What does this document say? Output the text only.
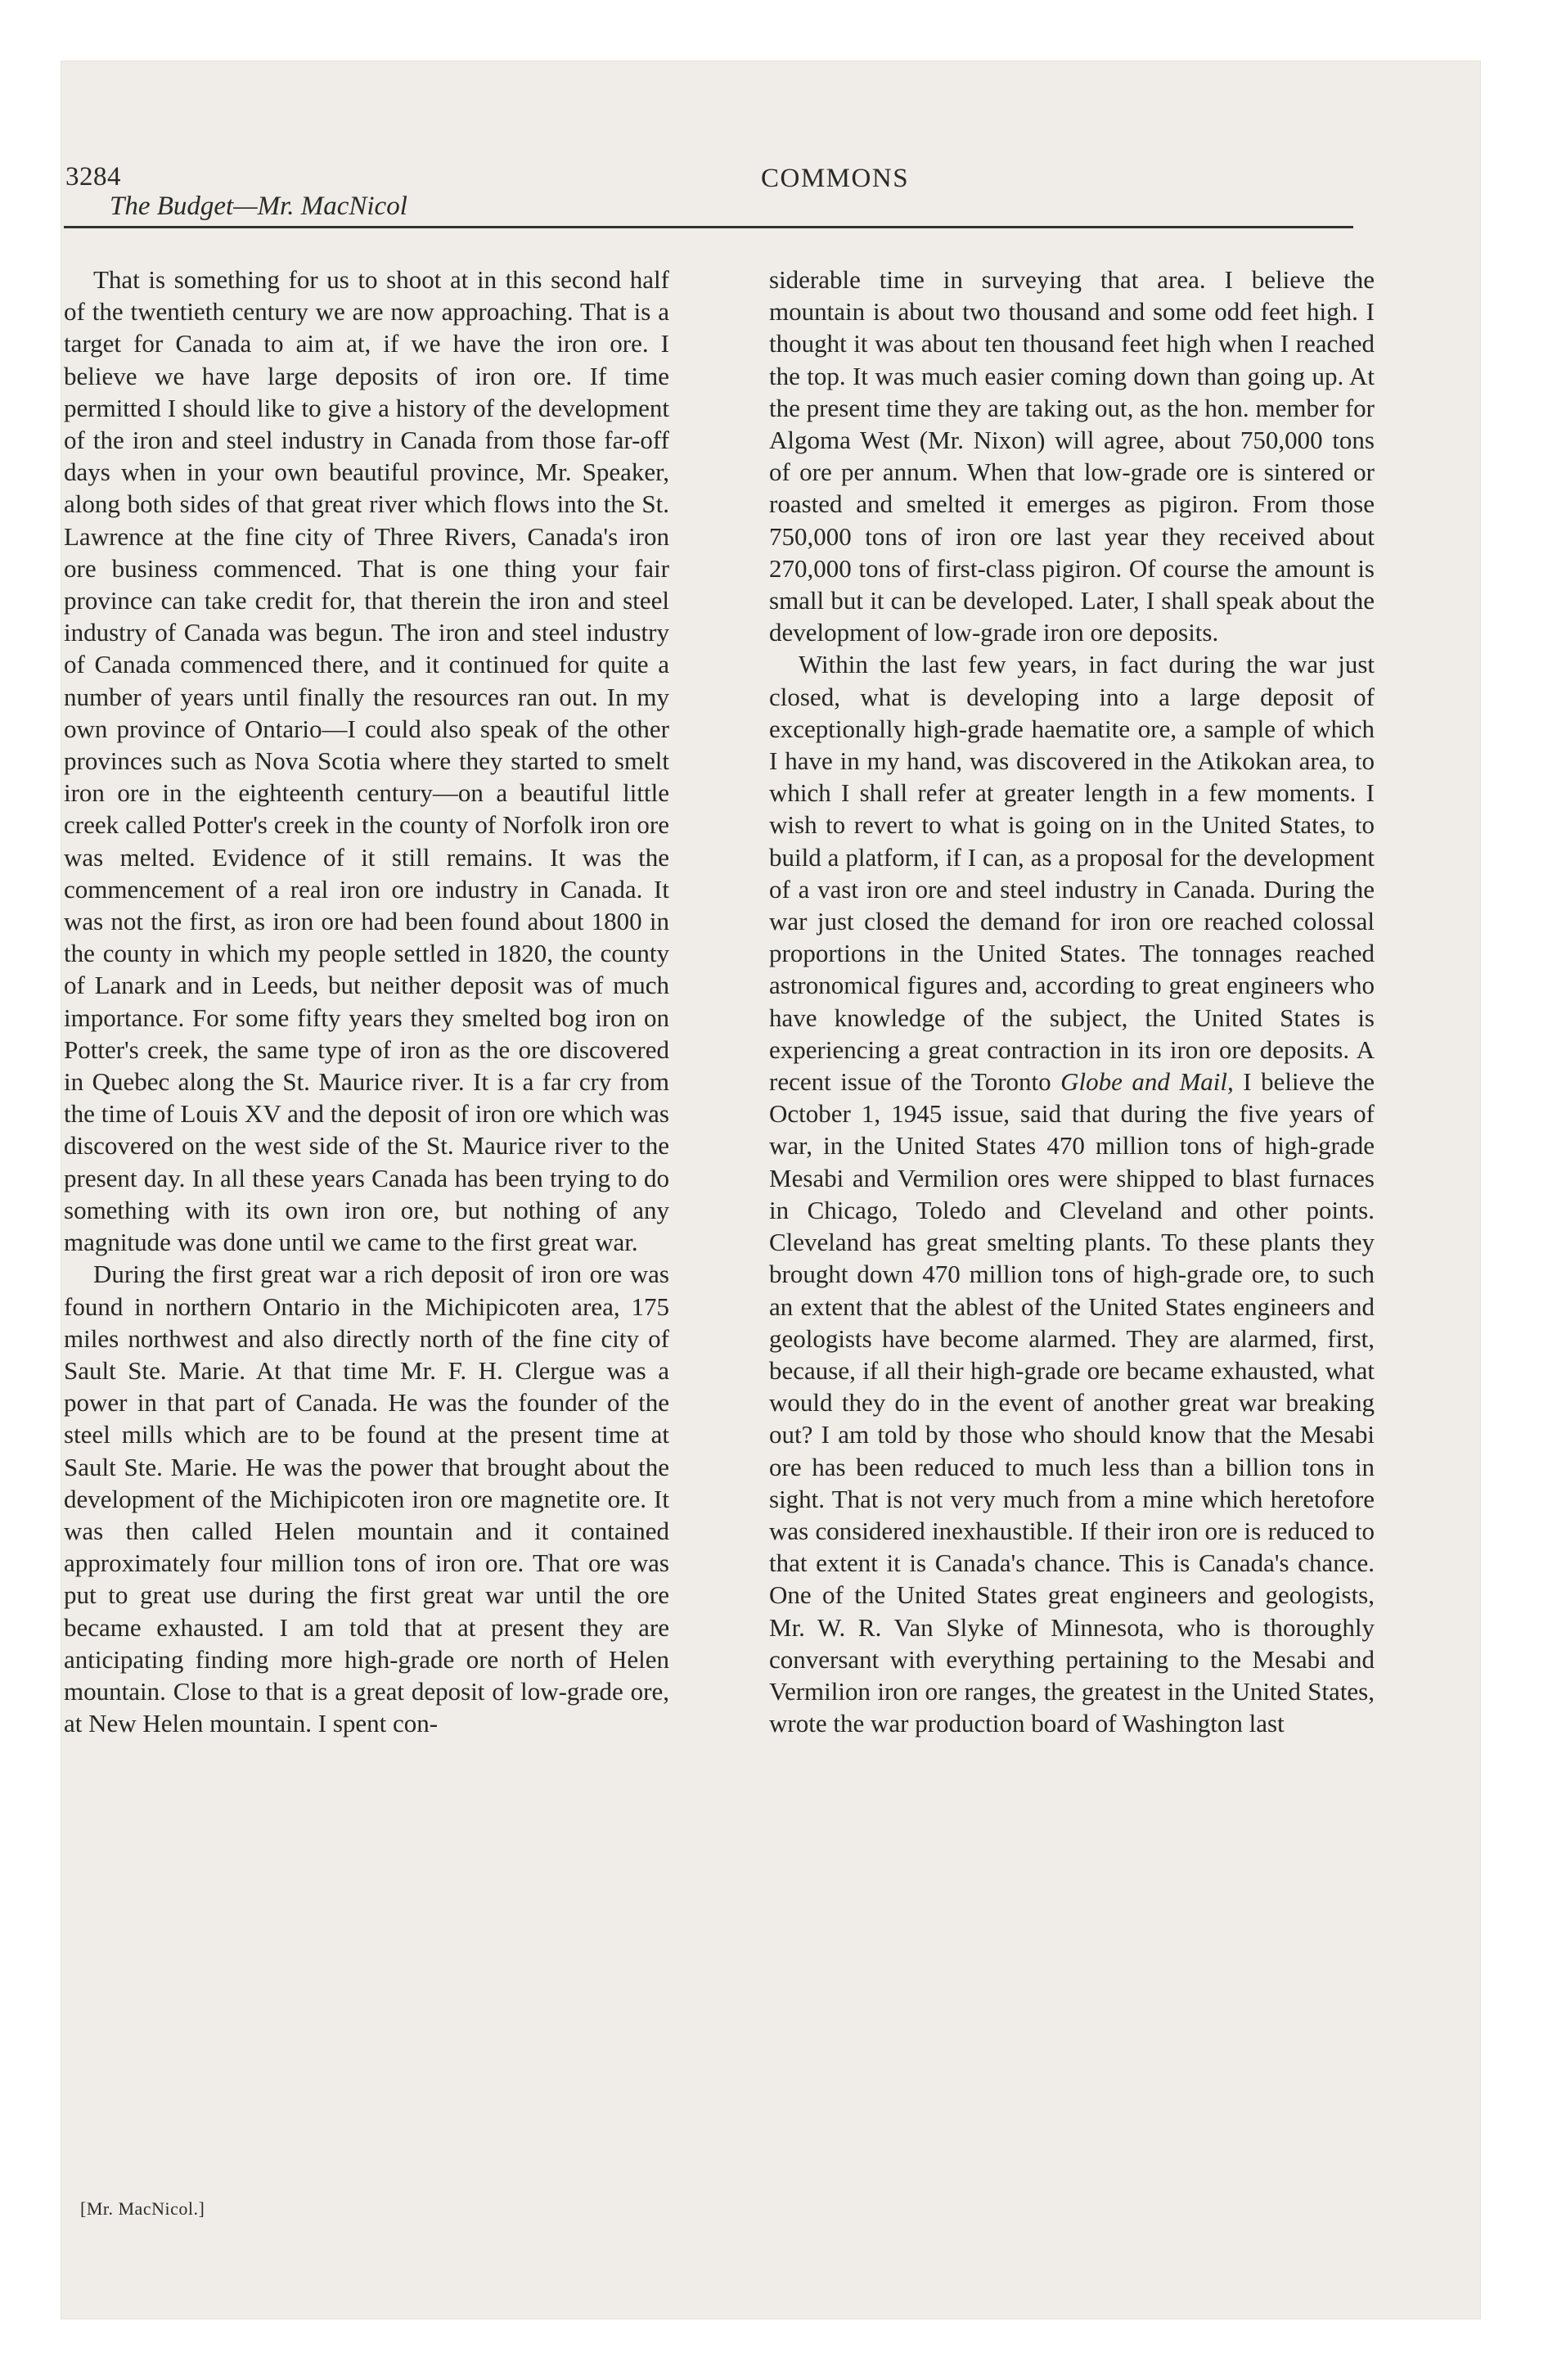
3284
The Budget—Mr. MacNicol
COMMONS

That is something for us to shoot at in this second half of the twentieth century we are now approaching. That is a target for Canada to aim at, if we have the iron ore. I believe we have large deposits of iron ore. If time permitted I should like to give a history of the development of the iron and steel industry in Canada from those far-off days when in your own beautiful province, Mr. Speaker, along both sides of that great river which flows into the St. Lawrence at the fine city of Three Rivers, Canada's iron ore business commenced. That is one thing your fair province can take credit for, that therein the iron and steel industry of Canada was begun. The iron and steel industry of Canada commenced there, and it continued for quite a number of years until finally the resources ran out. In my own province of Ontario—I could also speak of the other provinces such as Nova Scotia where they started to smelt iron ore in the eighteenth century—on a beautiful little creek called Potter's creek in the county of Norfolk iron ore was melted. Evidence of it still remains. It was the commencement of a real iron ore industry in Canada. It was not the first, as iron ore had been found about 1800 in the county in which my people settled in 1820, the county of Lanark and in Leeds, but neither deposit was of much importance. For some fifty years they smelted bog iron on Potter's creek, the same type of iron as the ore discovered in Quebec along the St. Maurice river. It is a far cry from the time of Louis XV and the deposit of iron ore which was discovered on the west side of the St. Maurice river to the present day. In all these years Canada has been trying to do something with its own iron ore, but nothing of any magnitude was done until we came to the first great war.

During the first great war a rich deposit of iron ore was found in northern Ontario in the Michipicoten area, 175 miles northwest and also directly north of the fine city of Sault Ste. Marie. At that time Mr. F. H. Clergue was a power in that part of Canada. He was the founder of the steel mills which are to be found at the present time at Sault Ste. Marie. He was the power that brought about the development of the Michipicoten iron ore magnetite ore. It was then called Helen mountain and it contained approximately four million tons of iron ore. That ore was put to great use during the first great war until the ore became exhausted. I am told that at present they are anticipating finding more high-grade ore north of Helen mountain. Close to that is a great deposit of low-grade ore, at New Helen mountain. I spent con-

siderable time in surveying that area. I believe the mountain is about two thousand and some odd feet high. I thought it was about ten thousand feet high when I reached the top. It was much easier coming down than going up. At the present time they are taking out, as the hon. member for Algoma West (Mr. Nixon) will agree, about 750,000 tons of ore per annum. When that low-grade ore is sintered or roasted and smelted it emerges as pigiron. From those 750,000 tons of iron ore last year they received about 270,000 tons of first-class pigiron. Of course the amount is small but it can be developed. Later, I shall speak about the development of low-grade iron ore deposits.

Within the last few years, in fact during the war just closed, what is developing into a large deposit of exceptionally high-grade haematite ore, a sample of which I have in my hand, was discovered in the Atikokan area, to which I shall refer at greater length in a few moments. I wish to revert to what is going on in the United States, to build a platform, if I can, as a proposal for the development of a vast iron ore and steel industry in Canada. During the war just closed the demand for iron ore reached colossal proportions in the United States. The tonnages reached astronomical figures and, according to great engineers who have knowledge of the subject, the United States is experiencing a great contraction in its iron ore deposits. A recent issue of the Toronto Globe and Mail, I believe the October 1, 1945 issue, said that during the five years of war, in the United States 470 million tons of high-grade Mesabi and Vermilion ores were shipped to blast furnaces in Chicago, Toledo and Cleveland and other points. Cleveland has great smelting plants. To these plants they brought down 470 million tons of high-grade ore, to such an extent that the ablest of the United States engineers and geologists have become alarmed. They are alarmed, first, because, if all their high-grade ore became exhausted, what would they do in the event of another great war breaking out? I am told by those who should know that the Mesabi ore has been reduced to much less than a billion tons in sight. That is not very much from a mine which heretofore was considered inexhaustible. If their iron ore is reduced to that extent it is Canada's chance. This is Canada's chance. One of the United States great engineers and geologists, Mr. W. R. Van Slyke of Minnesota, who is thoroughly conversant with everything pertaining to the Mesabi and Vermilion iron ore ranges, the greatest in the United States, wrote the war production board of Washington last

[Mr. MacNicol.]
